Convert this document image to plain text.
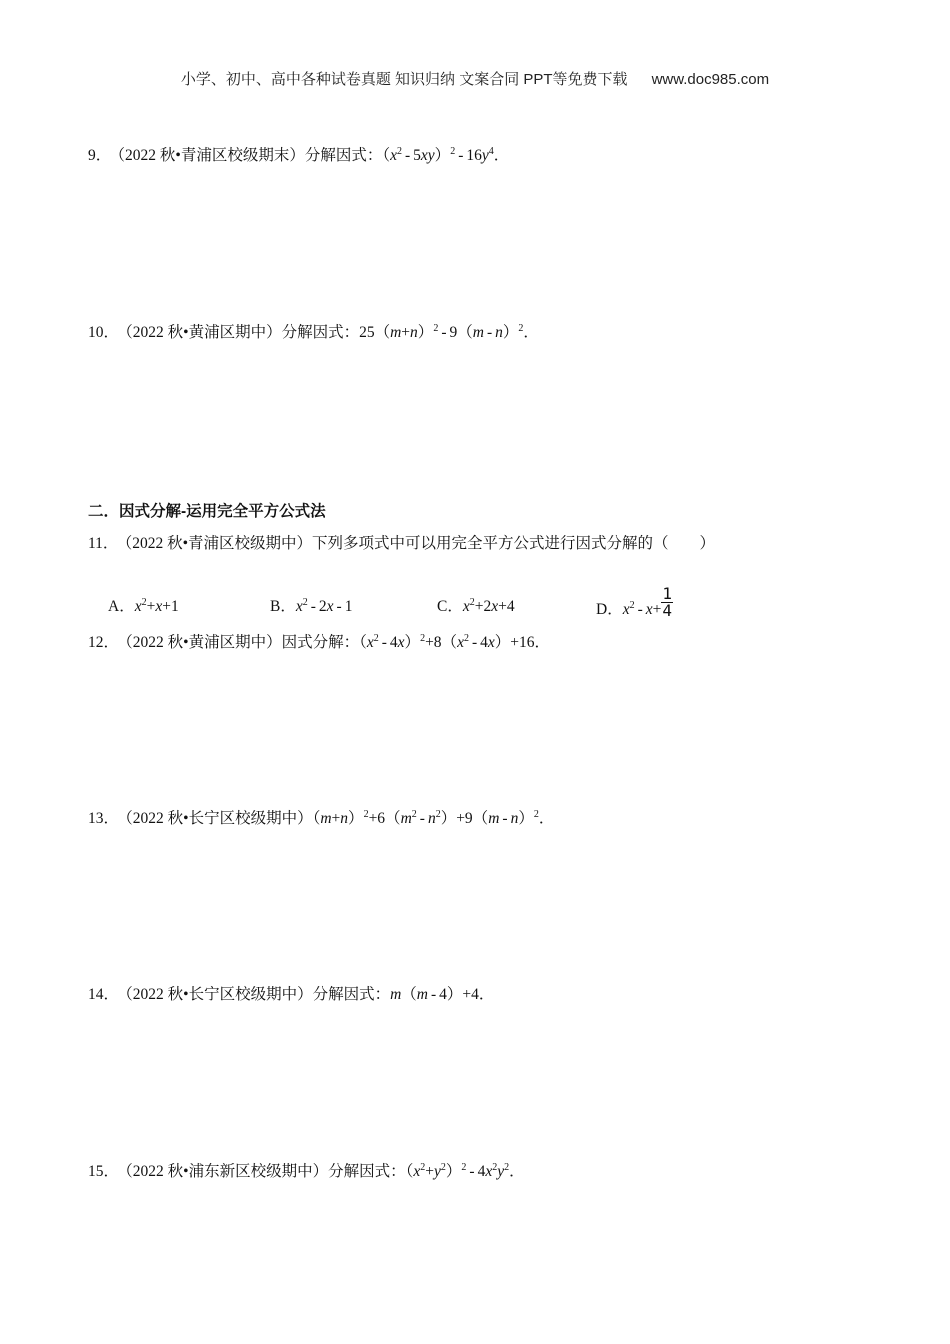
小学、初中、高中各种试卷真题 知识归纳 文案合同 PPT等免费下载 www.doc985.com
9． （2022 秋•青浦区校级期末）分解因式：$(x^2 - 5xy)^2 - 16y^4$．
10． （2022 秋•黄浦区期中）分解因式：$25(m+n)^2 - 9(m - n)^2$．
二．因式分解-运用完全平方公式法
11． （2022 秋•青浦区校级期中）下列多项式中可以用完全平方公式进行因式分解的（　　）
A．$x^2+x+1$	B．$x^2 - 2x - 1$	C．$x^2+2x+4$	D．$x^2 - x+ \frac{1}{4}$
12． （2022 秋•黄浦区期中）因式分解：$(x^2 - 4x)^2+8(x^2 - 4x)+16$．
13． （2022 秋•长宁区校级期中）$(m+n)^2+6(m^2 - n^2)+9(m - n)^2$．
14． （2022 秋•长宁区校级期中）分解因式：m（m - 4）+4．
15． （2022 秋•浦东新区校级期中）分解因式：$(x^2+y^2)^2 - 4x^2y^2$．
